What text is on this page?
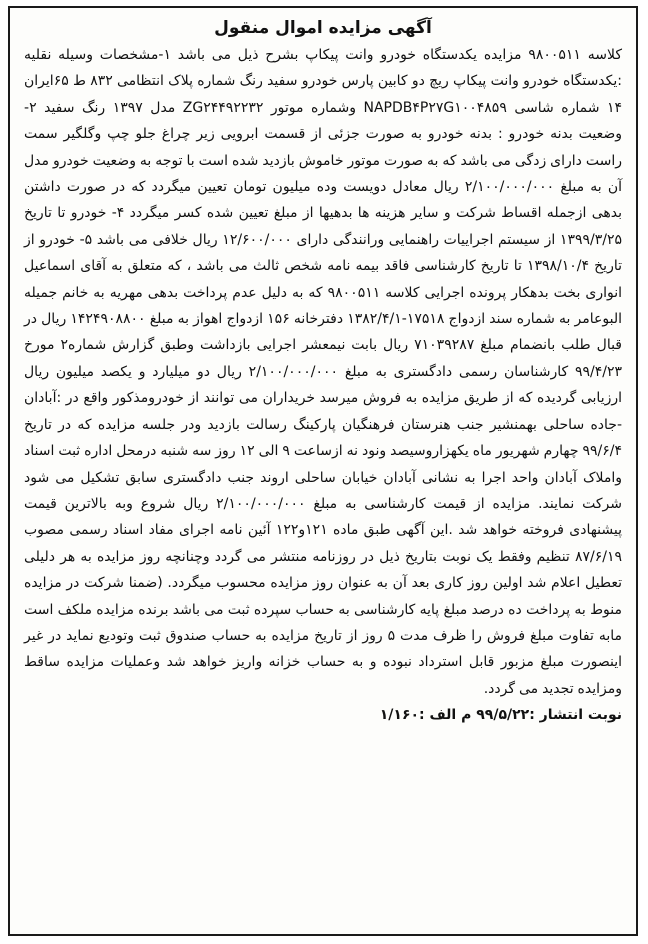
آگهی مزایده اموال منقول

کلاسه ۹۸۰۰۵۱۱ مزایده یکدستگاه خودرو وانت پیکاپ بشرح ذیل می باشد ۱-مشخصات وسیله نقلیه :یکدستگاه خودرو وانت پیکاپ ریچ دو کابین پارس خودرو سفید رنگ شماره پلاک انتظامی ۸۳۲ ط ۶۵ایران ۱۴ شماره شاسی NAPDB۴P۲۷G۱۰۰۴۸۵۹ وشماره موتور ZG۲۴۴۹۲۲۳۲ مدل ۱۳۹۷ رنگ سفید ۲-وضعیت بدنه خودرو : بدنه خودرو به صورت جزئی از قسمت ابرویی زیر چراغ جلو چپ وگلگیر سمت راست دارای زدگی می باشد که به صورت موتور خاموش بازدید شده است با توجه به وضعیت خودرو مدل آن به مبلغ ۲/۱۰۰/۰۰۰/۰۰۰ ریال معادل دویست وده میلیون تومان تعیین میگردد که در صورت داشتن بدهی ازجمله اقساط شرکت و سایر هزینه ها بدهیها از مبلغ تعیین شده کسر میگردد ۴- خودرو تا تاریخ ۱۳۹۹/۳/۲۵ از سیستم اجراییات راهنمایی ورانندگی دارای ۱۲/۶۰۰/۰۰۰ ریال خلافی می باشد ۵- خودرو از تاریخ ۱۳۹۸/۱۰/۴ تا تاریخ کارشناسی فاقد بیمه نامه شخص ثالث می باشد ، که متعلق به آقای اسماعیل انواری بخت بدهکار پرونده اجرایی کلاسه ۹۸۰۰۵۱۱ که به دلیل عدم پرداخت بدهی مهریه به خانم جمیله البوعامر به شماره سند ازدواج ۱۷۵۱۸-۱۳۸۲/۴/۱ دفترخانه ۱۵۶ ازدواج اهواز به مبلغ ۱۴۲۴۹۰۸۸۰۰ ریال در قبال طلب بانضمام مبلغ ۷۱۰۳۹۲۸۷ ریال بابت نیمعشر اجرایی بازداشت وطبق گزارش شماره۲ مورخ ۹۹/۴/۲۳ کارشناسان رسمی دادگستری به مبلغ ۲/۱۰۰/۰۰۰/۰۰۰ ریال دو میلیارد و یکصد میلیون ریال ارزیابی گردیده که از طریق مزایده به فروش میرسد خریداران می توانند از خودرومذکور واقع در :آبادان -جاده ساحلی بهمنشیر جنب هنرستان فرهنگیان پارکینگ رسالت بازدید ودر جلسه مزایده که در تاریخ ۹۹/۶/۴ چهارم شهریور ماه یکهزاروسیصد ونود نه ازساعت ۹ الی ۱۲ روز سه شنبه درمحل اداره ثبت اسناد واملاک آبادان واحد اجرا به نشانی آبادان خیابان ساحلی اروند جنب دادگستری سابق تشکیل می شود شرکت نمایند. مزایده از قیمت کارشناسی به مبلغ ۲/۱۰۰/۰۰۰/۰۰۰ ریال شروع وبه بالاترین قیمت پیشنهادی فروخته خواهد شد .این آگهی طبق ماده ۱۲۱و۱۲۲ آئین نامه اجرای مفاد اسناد رسمی مصوب ۸۷/۶/۱۹ تنظیم وفقط یک نوبت بتاریخ ذیل در روزنامه منتشر می گردد وچنانچه روز مزایده به هر دلیلی تعطیل اعلام شد اولین روز کاری بعد آن به عنوان روز مزایده محسوب میگردد. (ضمنا شرکت در مزایده منوط به پرداخت ده درصد مبلغ پایه کارشناسی به حساب سپرده ثبت می باشد برنده مزایده ملکف است مابه تفاوت مبلغ فروش را ظرف مدت ۵ روز از تاریخ مزایده به حساب صندوق ثبت وتودیع نماید در غیر اینصورت مبلغ مزبور قابل استرداد نبوده و به حساب خزانه واریز خواهد شد وعملیات مزایده ساقط ومزایده تجدید می گردد.

نوبت انتشار :۹۹/۵/۲۲ م الف :۱/۱۶۰
